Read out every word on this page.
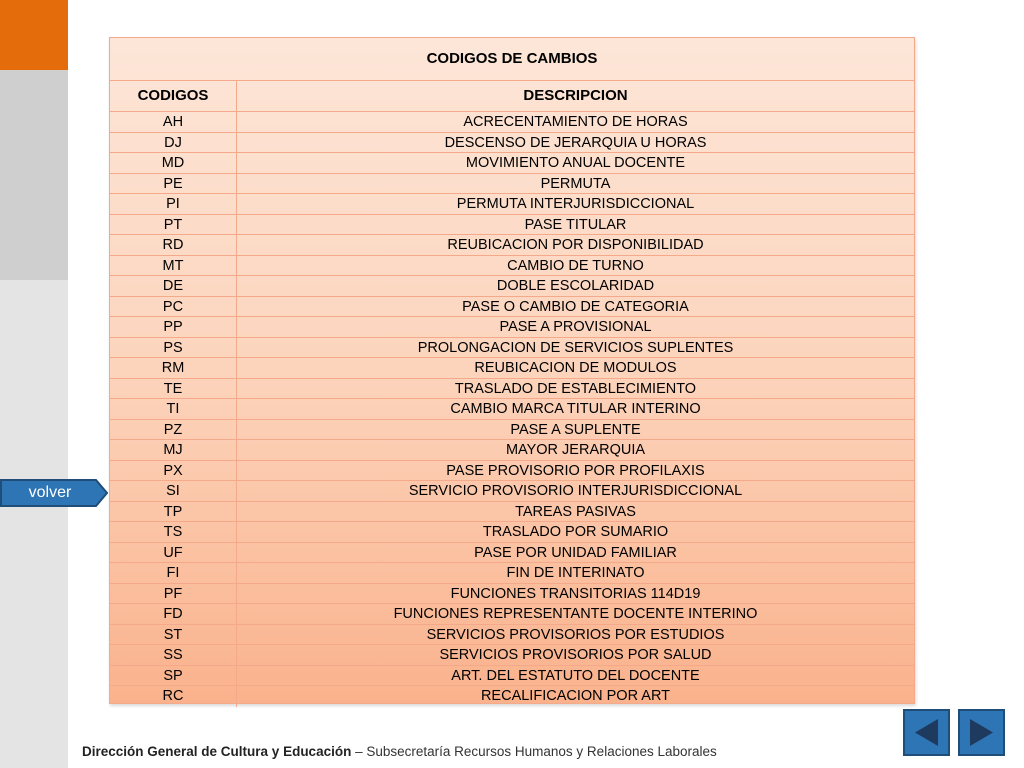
CODIGOS DE CAMBIOS
CODIGOS	DESCRIPCION
AH	ACRECENTAMIENTO DE HORAS
DJ	DESCENSO DE JERARQUIA U HORAS
MD	MOVIMIENTO ANUAL DOCENTE
PE	PERMUTA
PI	PERMUTA INTERJURISDICCIONAL
PT	PASE TITULAR
RD	REUBICACION POR DISPONIBILIDAD
MT	CAMBIO DE TURNO
DE	DOBLE ESCOLARIDAD
PC	PASE O CAMBIO DE CATEGORIA
PP	PASE A PROVISIONAL
PS	PROLONGACION DE SERVICIOS SUPLENTES
RM	REUBICACION DE MODULOS
TE	TRASLADO DE ESTABLECIMIENTO
TI	CAMBIO MARCA TITULAR INTERINO
PZ	PASE A SUPLENTE
MJ	MAYOR JERARQUIA
PX	PASE PROVISORIO POR PROFILAXIS
SI	SERVICIO PROVISORIO INTERJURISDICCIONAL
TP	TAREAS PASIVAS
TS	TRASLADO POR SUMARIO
UF	PASE POR UNIDAD FAMILIAR
FI	FIN DE INTERINATO
PF	FUNCIONES TRANSITORIAS 114D19
FD	FUNCIONES REPRESENTANTE DOCENTE INTERINO
ST	SERVICIOS PROVISORIOS POR ESTUDIOS
SS	SERVICIOS PROVISORIOS POR SALUD
SP	ART. DEL ESTATUTO DEL DOCENTE
RC	RECALIFICACION POR ART
volver
Dirección General de Cultura y Educación – Subsecretaría Recursos Humanos y Relaciones Laborales
